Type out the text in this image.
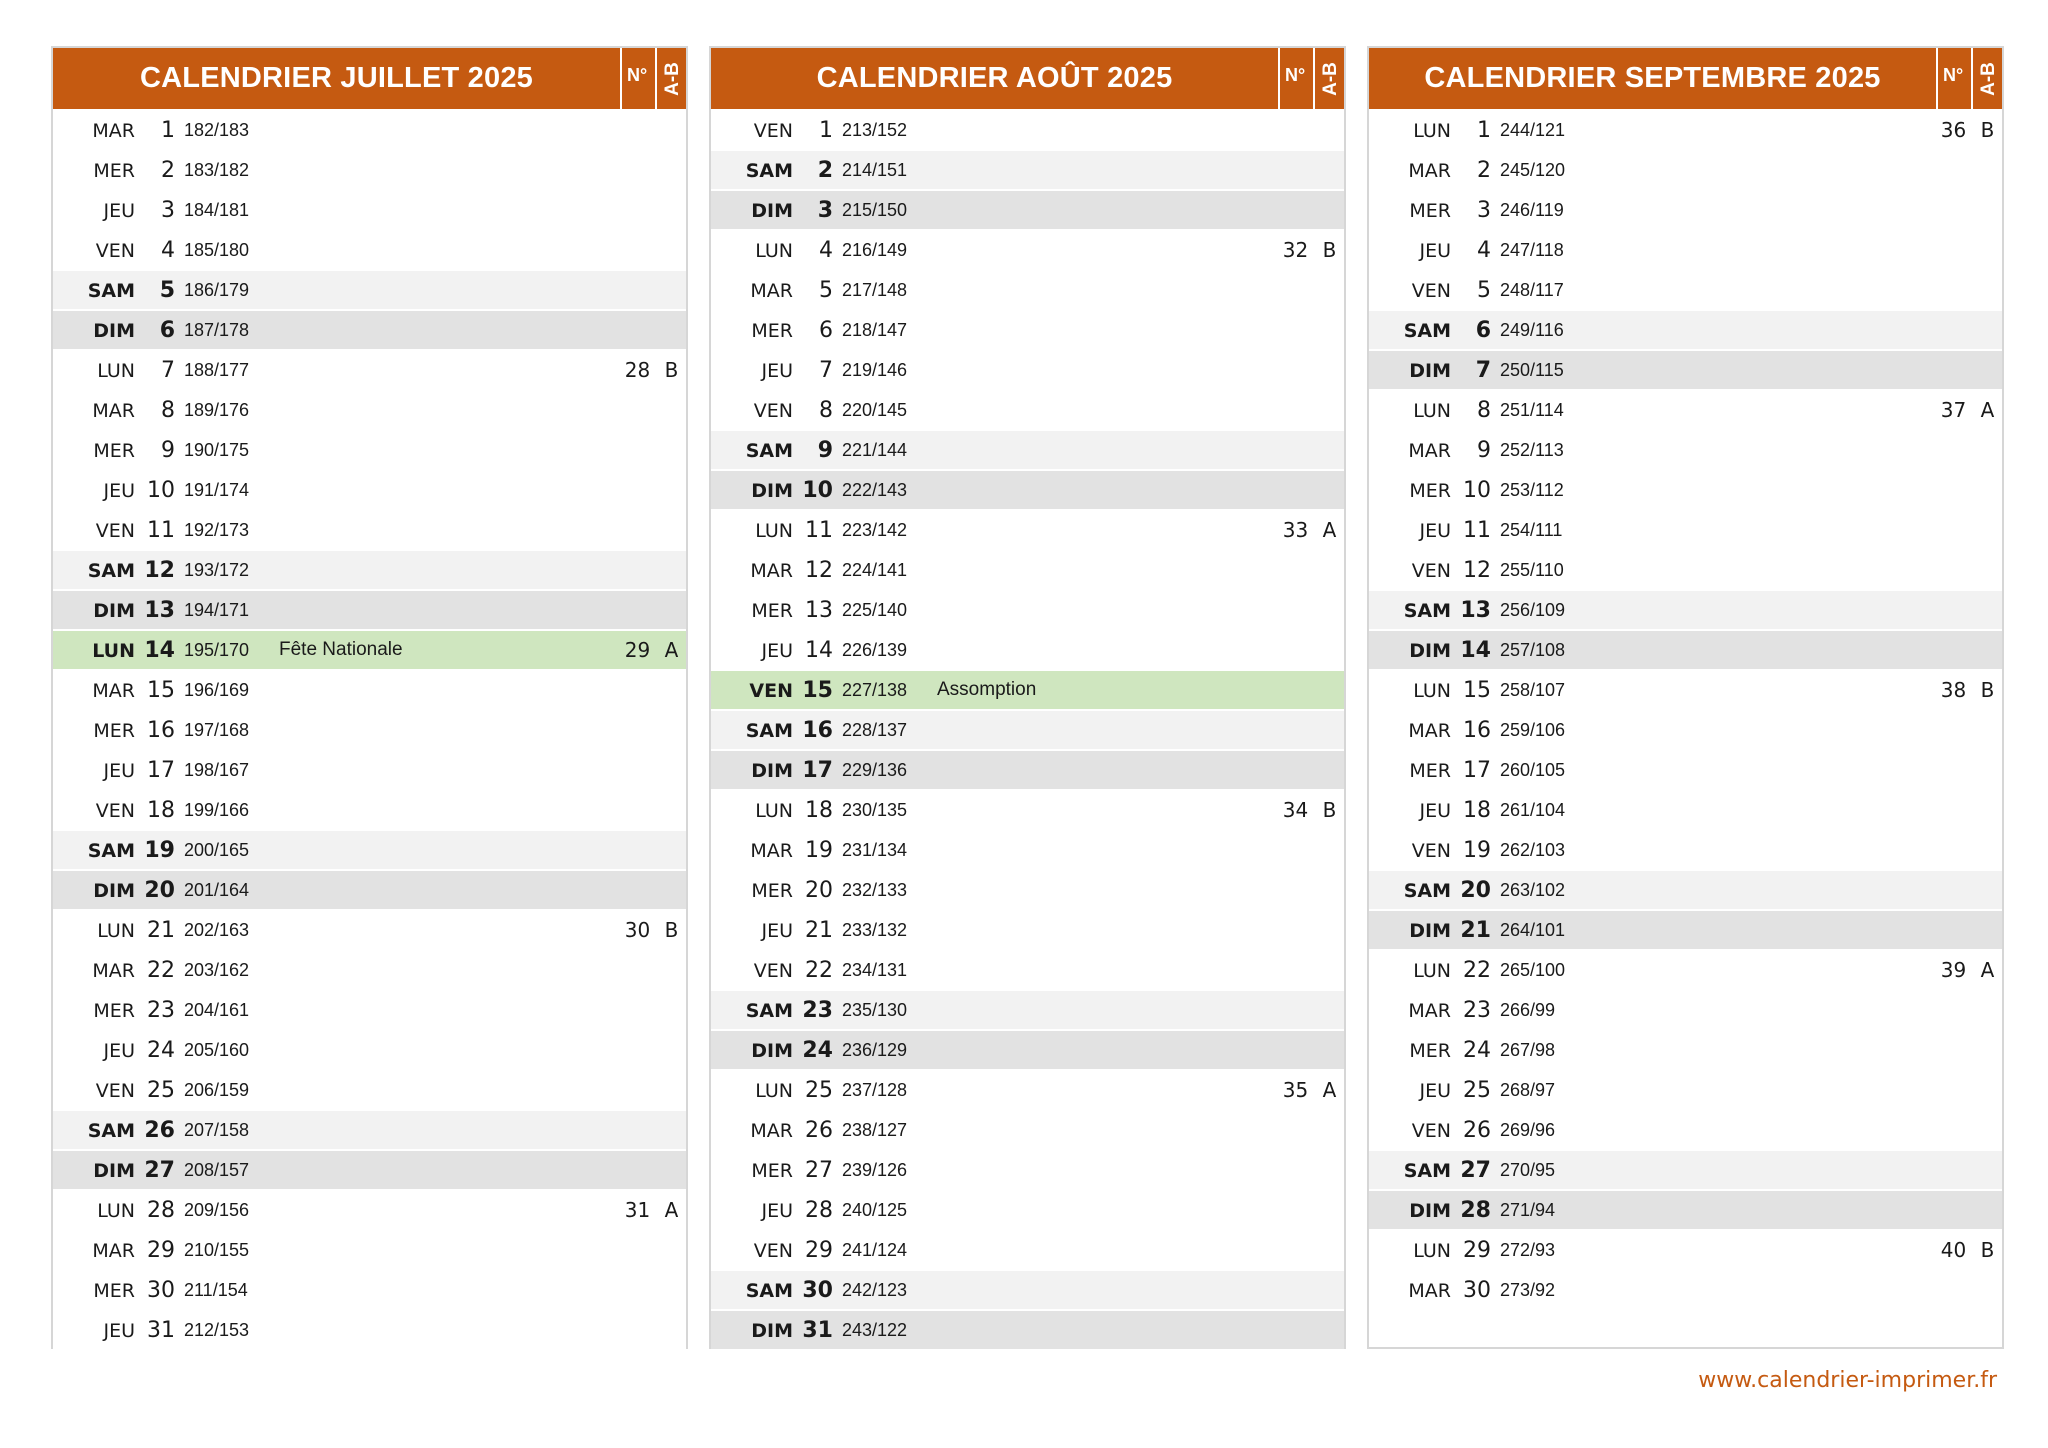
CALENDRIER JUILLET 2025	N° A-B
MAR	1 182/183
MER	2 183/182
JEU	3 184/181
VEN	4 185/180
SAM	5 186/179
DIM	6 187/178
LUN	7 188/177	28 B
MAR	8 189/176
MER	9 190/175
JEU 10 191/174
VEN 11 192/173
SAM 12 193/172
DIM 13 194/171
LUN 14 195/170 Fête Nationale	29 A
MAR 15 196/169
MER 16 197/168
JEU 17 198/167
VEN 18 199/166
SAM 19 200/165
DIM 20 201/164
LUN 21 202/163	30 B
MAR 22 203/162
MER 23 204/161
JEU 24 205/160
VEN 25 206/159
SAM 26 207/158
DIM 27 208/157
LUN 28 209/156	31 A
MAR 29 210/155
MER 30 211/154
JEU 31 212/153
CALENDRIER AOÛT 2025	N° A-B
VEN	1 213/152
SAM	2 214/151
DIM	3 215/150
LUN	4 216/149	32 B
MAR	5 217/148
MER	6 218/147
JEU	7 219/146
VEN	8 220/145
SAM	9 221/144
DIM 10 222/143
LUN 11 223/142	33 A
MAR 12 224/141
MER 13 225/140
JEU 14 226/139
VEN 15 227/138 Assomption
SAM 16 228/137
DIM 17 229/136
LUN 18 230/135	34 B
MAR 19 231/134
MER 20 232/133
JEU 21 233/132
VEN 22 234/131
SAM 23 235/130
DIM 24 236/129
LUN 25 237/128	35 A
MAR 26 238/127
MER 27 239/126
JEU 28 240/125
VEN 29 241/124
SAM 30 242/123
DIM 31 243/122
CALENDRIER SEPTEMBRE 2025	N° A-B
LUN	1 244/121	36 B
MAR	2 245/120
MER	3 246/119
JEU	4 247/118
VEN	5 248/117
SAM	6 249/116
DIM	7 250/115
LUN	8 251/114	37 A
MAR	9 252/113
MER 10 253/112
JEU 11 254/111
VEN 12 255/110
SAM 13 256/109
DIM 14 257/108
LUN 15 258/107	38 B
MAR 16 259/106
MER 17 260/105
JEU 18 261/104
VEN 19 262/103
SAM 20 263/102
DIM 21 264/101
LUN 22 265/100	39 A
MAR 23 266/99
MER 24 267/98
JEU 25 268/97
VEN 26 269/96
SAM 27 270/95
DIM 28 271/94
LUN 29 272/93	40 B
MAR 30 273/92
www.calendrier-imprimer.fr
